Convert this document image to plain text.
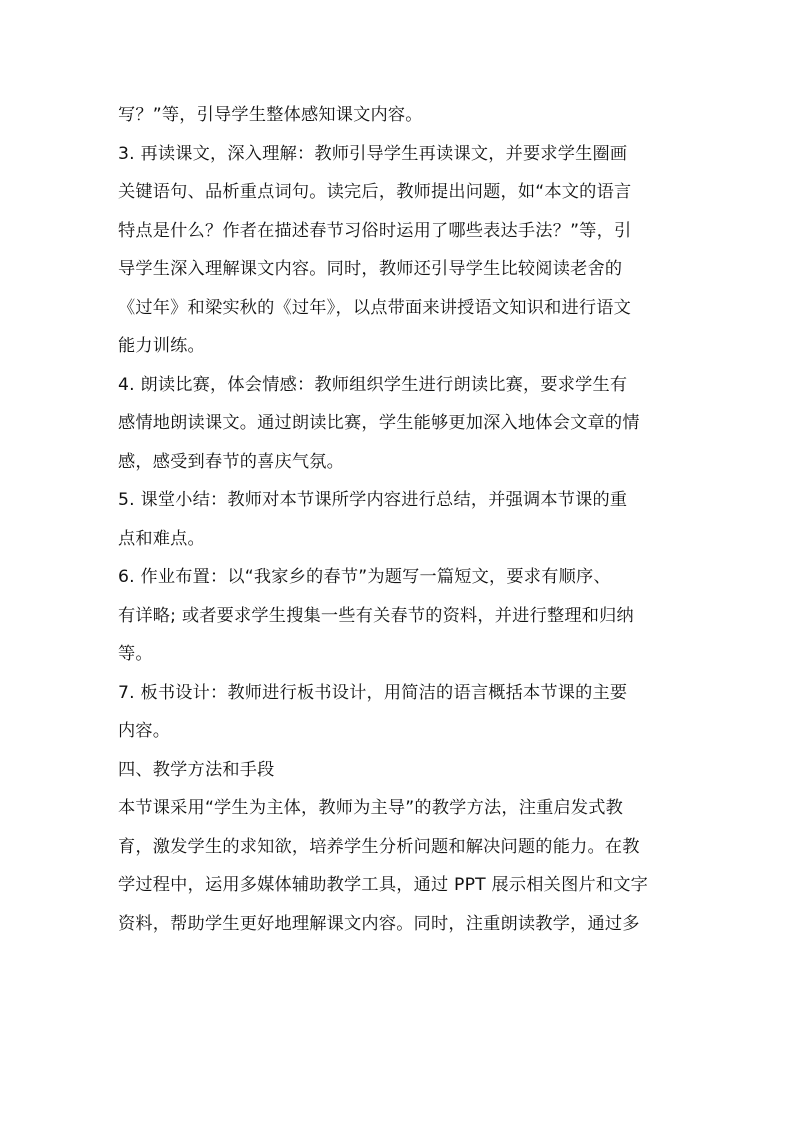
写？”等，引导学生整体感知课文内容。
3. 再读课文，深入理解：教师引导学生再读课文，并要求学生圈画
关键语句、品析重点词句。读完后，教师提出问题，如“本文的语言
特点是什么？作者在描述春节习俗时运用了哪些表达手法？”等，引
导学生深入理解课文内容。同时，教师还引导学生比较阅读老舍的
《过年》和梁实秋的《过年》，以点带面来讲授语文知识和进行语文
能力训练。
4. 朗读比赛，体会情感：教师组织学生进行朗读比赛，要求学生有
感情地朗读课文。通过朗读比赛，学生能够更加深入地体会文章的情
感，感受到春节的喜庆气氛。
5. 课堂小结：教师对本节课所学内容进行总结，并强调本节课的重
点和难点。
6. 作业布置：以“我家乡的春节”为题写一篇短文，要求有顺序、
有详略; 或者要求学生搜集一些有关春节的资料，并进行整理和归纳
等。
7. 板书设计：教师进行板书设计，用简洁的语言概括本节课的主要
内容。
四、教学方法和手段
本节课采用“学生为主体，教师为主导”的教学方法，注重启发式教
育，激发学生的求知欲，培养学生分析问题和解决问题的能力。在教
学过程中，运用多媒体辅助教学工具，通过 PPT 展示相关图片和文字
资料，帮助学生更好地理解课文内容。同时，注重朗读教学，通过多
